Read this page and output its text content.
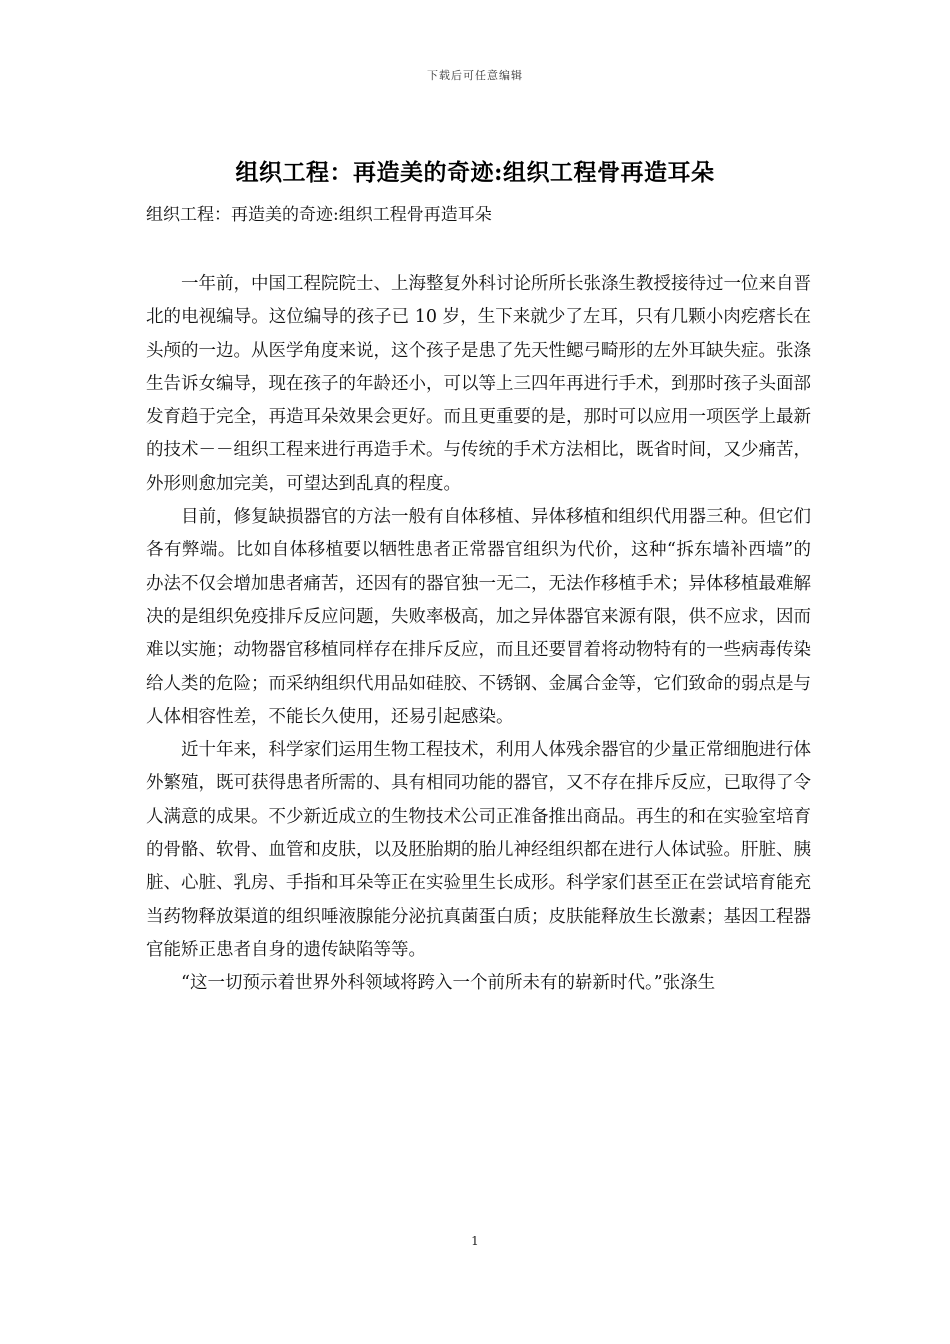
下载后可任意编辑
组织工程：再造美的奇迹:组织工程骨再造耳朵
组织工程：再造美的奇迹:组织工程骨再造耳朵

一年前，中国工程院院士、上海整复外科讨论所所长张涤生教授接待过一位来自晋北的电视编导。这位编导的孩子已 10 岁，生下来就少了左耳，只有几颗小肉疙瘩长在头颅的一边。从医学角度来说，这个孩子是患了先天性鳃弓畸形的左外耳缺失症。张涤生告诉女编导，现在孩子的年龄还小，可以等上三四年再进行手术，到那时孩子头面部发育趋于完全，再造耳朵效果会更好。而且更重要的是，那时可以应用一项医学上最新的技术－－组织工程来进行再造手术。与传统的手术方法相比，既省时间，又少痛苦，外形则愈加完美，可望达到乱真的程度。

目前，修复缺损器官的方法一般有自体移植、异体移植和组织代用器三种。但它们各有弊端。比如自体移植要以牺牲患者正常器官组织为代价，这种“拆东墙补西墙”的办法不仅会增加患者痛苦，还因有的器官独一无二，无法作移植手术；异体移植最难解决的是组织免疫排斥反应问题，失败率极高，加之异体器官来源有限，供不应求，因而难以实施；动物器官移植同样存在排斥反应，而且还要冒着将动物特有的一些病毒传染给人类的危险；而采纳组织代用品如硅胶、不锈钢、金属合金等，它们致命的弱点是与人体相容性差，不能长久使用，还易引起感染。

近十年来，科学家们运用生物工程技术，利用人体残余器官的少量正常细胞进行体外繁殖，既可获得患者所需的、具有相同功能的器官，又不存在排斥反应，已取得了令人满意的成果。不少新近成立的生物技术公司正准备推出商品。再生的和在实验室培育的骨骼、软骨、血管和皮肤，以及胚胎期的胎儿神经组织都在进行人体试验。肝脏、胰脏、心脏、乳房、手指和耳朵等正在实验里生长成形。科学家们甚至正在尝试培育能充当药物释放渠道的组织唾液腺能分泌抗真菌蛋白质；皮肤能释放生长激素；基因工程器官能矫正患者自身的遗传缺陷等等。

“这一切预示着世界外科领域将跨入一个前所未有的崭新时代。”张涤生

1
